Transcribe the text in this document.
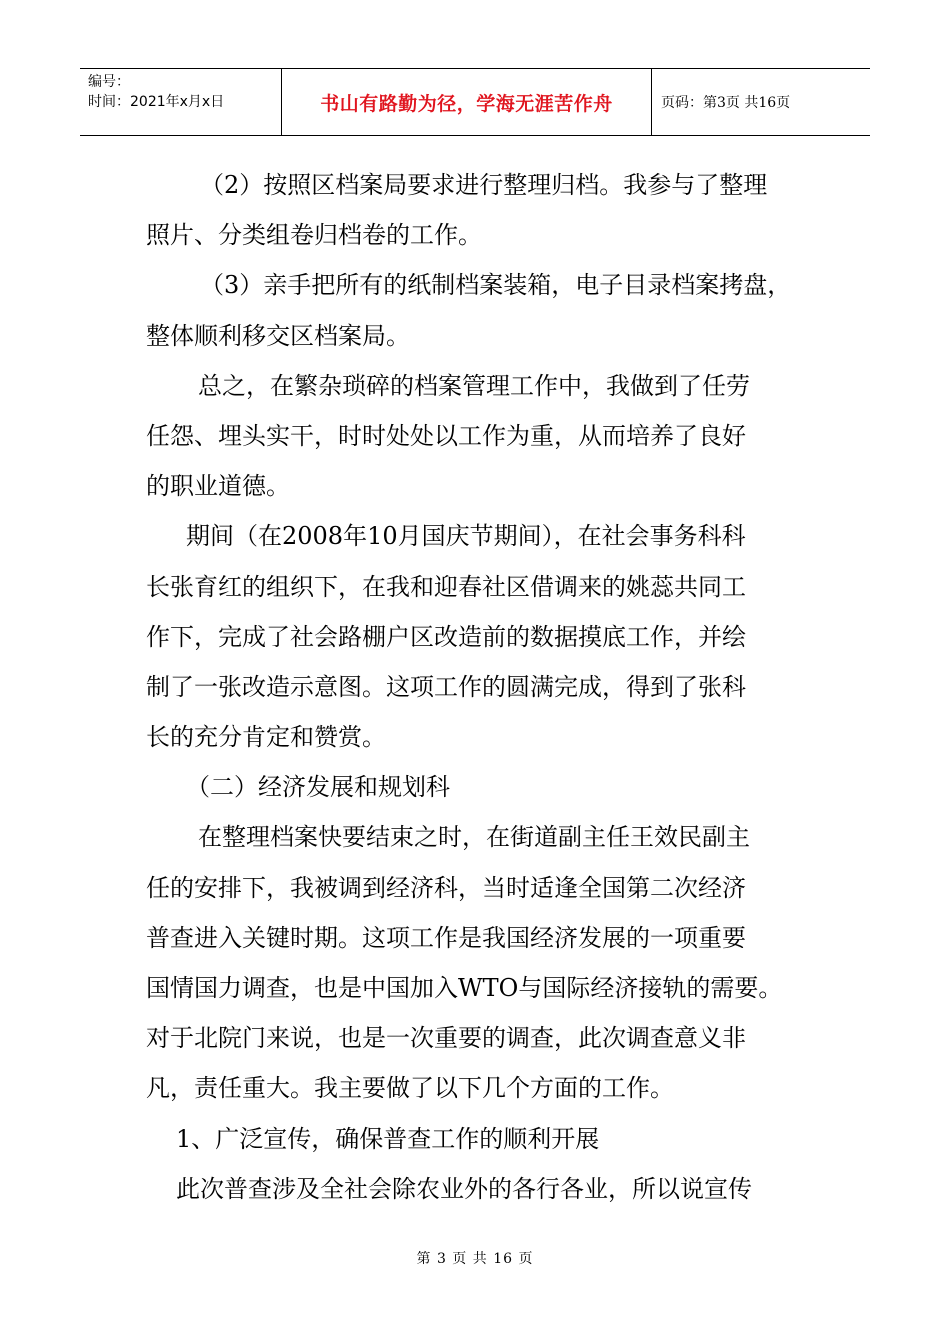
编号：
时间：2021年x月x日	书山有路勤为径，学海无涯苦作舟	页码：第3页 共16页
（2）按照区档案局要求进行整理归档。我参与了整理
照片、分类组卷归档卷的工作。
（3）亲手把所有的纸制档案装箱，电子目录档案拷盘，
整体顺利移交区档案局。
总之，在繁杂琐碎的档案管理工作中，我做到了任劳
任怨、埋头实干，时时处处以工作为重，从而培养了良好
的职业道德。
期间（在2008年10月国庆节期间），在社会事务科科
长张育红的组织下，在我和迎春社区借调来的姚蕊共同工
作下，完成了社会路棚户区改造前的数据摸底工作，并绘
制了一张改造示意图。这项工作的圆满完成，得到了张科
长的充分肯定和赞赏。
（二）经济发展和规划科
在整理档案快要结束之时，在街道副主任王效民副主
任的安排下，我被调到经济科，当时适逢全国第二次经济
普查进入关键时期。这项工作是我国经济发展的一项重要
国情国力调查，也是中国加入WTO与国际经济接轨的需要。
对于北院门来说，也是一次重要的调查，此次调查意义非
凡，责任重大。我主要做了以下几个方面的工作。
1、广泛宣传，确保普查工作的顺利开展
此次普查涉及全社会除农业外的各行各业，所以说宣传
第 3 页 共 16 页
